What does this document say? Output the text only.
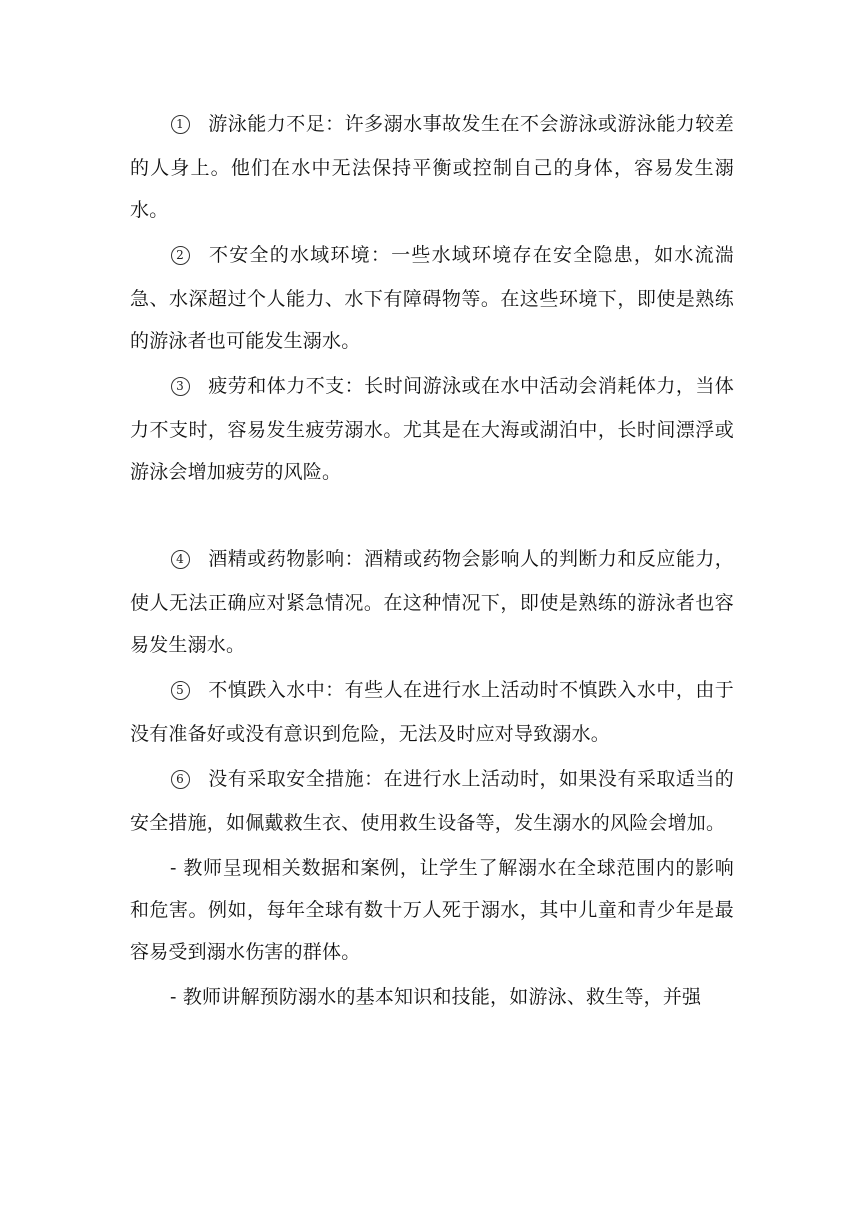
1 游泳能力不足：许多溺水事故发生在不会游泳或游泳能力较差的人身上。他们在水中无法保持平衡或控制自己的身体，容易发生溺水。

2 不安全的水域环境：一些水域环境存在安全隐患，如水流湍急、水深超过个人能力、水下有障碍物等。在这些环境下，即使是熟练的游泳者也可能发生溺水。

3 疲劳和体力不支：长时间游泳或在水中活动会消耗体力，当体力不支时，容易发生疲劳溺水。尤其是在大海或湖泊中，长时间漂浮或游泳会增加疲劳的风险。

4 酒精或药物影响：酒精或药物会影响人的判断力和反应能力，使人无法正确应对紧急情况。在这种情况下，即使是熟练的游泳者也容易发生溺水。

5 不慎跌入水中：有些人在进行水上活动时不慎跌入水中，由于没有准备好或没有意识到危险，无法及时应对导致溺水。

6 没有采取安全措施：在进行水上活动时，如果没有采取适当的安全措施，如佩戴救生衣、使用救生设备等，发生溺水的风险会增加。

- 教师呈现相关数据和案例，让学生了解溺水在全球范围内的影响和危害。例如，每年全球有数十万人死于溺水，其中儿童和青少年是最容易受到溺水伤害的群体。

- 教师讲解预防溺水的基本知识和技能，如游泳、救生等，并强
